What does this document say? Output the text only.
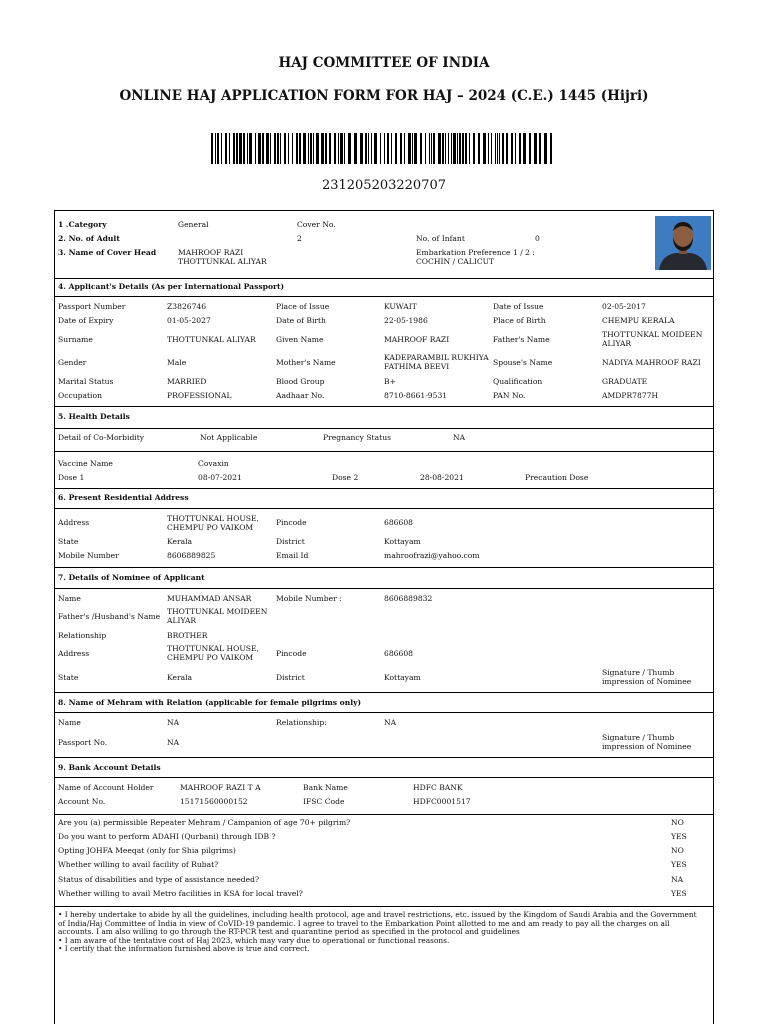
HAJ COMMITTEE OF INDIA
ONLINE HAJ APPLICATION FORM FOR HAJ – 2024 (C.E.) 1445 (Hijri)
231205203220707
1 .Category	General	Cover No.
2. No. of Adult	2	No. of Infant	0
3. Name of Cover Head	MAHROOF RAZI
THOTTUNKAL ALIYAR
Embarkation Preference 1 / 2 :
COCHIN / CALICUT
4. Applicant's Details (As per International Passport)
Passport Number	Z3826746	Place of Issue	KUWAIT	Date of Issue	02-05-2017
Date of Expiry	01-05-2027	Date of Birth	22-05-1986	Place of Birth	CHEMPU KERALA
Surname	THOTTUNKAL ALIYAR	Given Name	MAHROOF RAZI	Father's Name
THOTTUNKAL MOIDEEN
ALIYAR
Gender	Male	Mother's Name
KADEPARAMBIL RUKHIYA
FATHIMA BEEVI	Spouse's Name	NADIYA MAHROOF RAZI
Marital Status	MARRIED	Blood Group	B+	Qualification	GRADUATE
Occupation	PROFESSIONAL	Aadhaar No.	8710-8661-9531	PAN No.	AMDPR7877H
5. Health Details
Detail of Co-Morbidity	Not Applicable	Pregnancy Status	NA
Vaccine Name	Covaxin
Dose 1	08-07-2021	Dose 2	28-08-2021	Precaution Dose
6. Present Residential Address
Address	THOTTUNKAL HOUSE,
CHEMPU PO VAIKOM
Pincode	686608
State	Kerala	District	Kottayam
Mobile Number	8606889825	Email Id	mahroofrazi@yahoo.com
7. Details of Nominee of Applicant
Name	MUHAMMAD ANSAR	Mobile Number :	8606889832
Father's /Husband's Name
THOTTUNKAL MOIDEEN
ALIYAR
Relationship	BROTHER
Address
THOTTUNKAL HOUSE,
CHEMPU PO VAIKOM	Pincode	686608
State	Kerala	District	Kottayam
Signature / Thumb
impression of Nominee
8. Name of Mehram with Relation (applicable for female pilgrims only)
Name	NA	Relationship:	NA
Passport No.	NA
Signature / Thumb
impression of Nominee
9. Bank Account Details
Name of Account Holder	MAHROOF RAZI T A	Bank Name	HDFC BANK
Account No.	15171560000152	IFSC Code	HDFC0001517
Are you (a) permissible Repeater Mehram / Campanion of age 70+ pilgrim?	NO
Do you want to perform ADAHI (Qurbani) through IDB ?	YES
Opting JOHFA Meeqat (only for Shia pilgrims)	NO
Whether willing to avail facility of Rubat?	YES
Status of disabilities and type of assistance needed?	NA
Whether willing to avail Metro facilities in KSA for local travel?	YES
• I hereby undertake to abide by all the guidelines, including health protocol, age and travel restrictions, etc. issued by the Kingdom of Saudi Arabia and the Government of India/Haj Committee of India in view of CoVID-19 pandemic. I agree to travel to the Embarkation Point allotted to me and am ready to pay all the charges on all accounts. I am also willing to go through the RT-PCR test and quarantine period as specified in the protocol and guidelines
• I am aware of the tentative cost of Haj 2023, which may vary due to operational or functional reasons.
• I certify that the information furnished above is true and correct.
